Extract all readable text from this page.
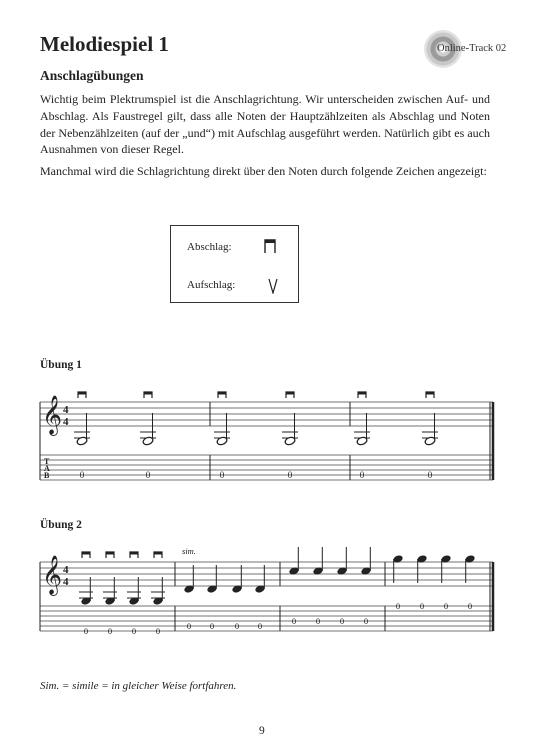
Melodiespiel 1	Online-Track 02
Anschlagübungen

Wichtig beim Plektrumspiel ist die Anschlagrichtung. Wir unterscheiden zwischen Auf- und Abschlag. Als Faustregel gilt, dass alle Noten der Hauptzählzeiten als Abschlag und Noten der Nebenzählzeiten (auf der „und“) mit Aufschlag ausgeführt werden. Natürlich gibt es auch Ausnahmen von dieser Regel.

Manchmal wird die Schlagrichtung direkt über den Noten durch folgende Zeichen angezeigt:

Abschlag:
Aufschlag:
Übung 1
𝄞 4
4
T
A
B	0	0	0	0	0	0
Übung 2
𝄞 4
4
sim.
0 0 0 0	0 0 0 0	0 0 0 0
0 0 0 0
Sim. = simile = in gleicher Weise fortfahren.
9
